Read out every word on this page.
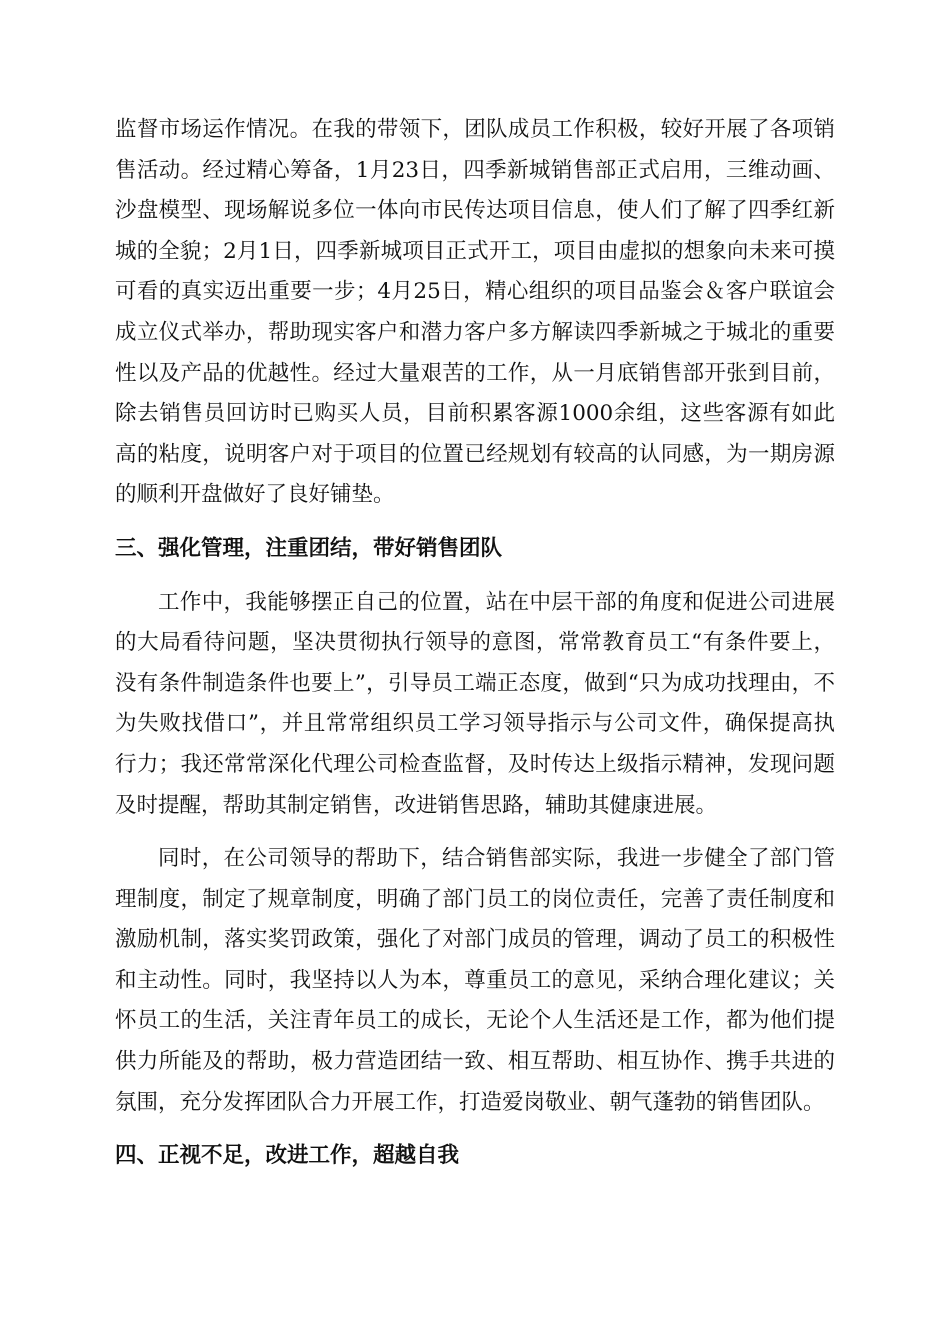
监督市场运作情况。在我的带领下，团队成员工作积极，较好开展了各项销售活动。经过精心筹备，1月23日，四季新城销售部正式启用，三维动画、沙盘模型、现场解说多位一体向市民传达项目信息，使人们了解了四季红新城的全貌；2月1日，四季新城项目正式开工，项目由虚拟的想象向未来可摸可看的真实迈出重要一步；4月25日，精心组织的项目品鉴会＆客户联谊会成立仪式举办，帮助现实客户和潜力客户多方解读四季新城之于城北的重要性以及产品的优越性。经过大量艰苦的工作，从一月底销售部开张到目前，除去销售员回访时已购买人员，目前积累客源1000余组，这些客源有如此高的粘度，说明客户对于项目的位置已经规划有较高的认同感，为一期房源的顺利开盘做好了良好铺垫。

三、强化管理，注重团结，带好销售团队

工作中，我能够摆正自己的位置，站在中层干部的角度和促进公司进展的大局看待问题，坚决贯彻执行领导的意图，常常教育员工“有条件要上，没有条件制造条件也要上”，引导员工端正态度，做到“只为成功找理由，不为失败找借口”，并且常常组织员工学习领导指示与公司文件，确保提高执行力；我还常常深化代理公司检查监督，及时传达上级指示精神，发现问题及时提醒，帮助其制定销售，改进销售思路，辅助其健康进展。

同时，在公司领导的帮助下，结合销售部实际，我进一步健全了部门管理制度，制定了规章制度，明确了部门员工的岗位责任，完善了责任制度和激励机制，落实奖罚政策，强化了对部门成员的管理，调动了员工的积极性和主动性。同时，我坚持以人为本，尊重员工的意见，采纳合理化建议；关怀员工的生活，关注青年员工的成长，无论个人生活还是工作，都为他们提供力所能及的帮助，极力营造团结一致、相互帮助、相互协作、携手共进的氛围，充分发挥团队合力开展工作，打造爱岗敬业、朝气蓬勃的销售团队。

四、正视不足，改进工作，超越自我
